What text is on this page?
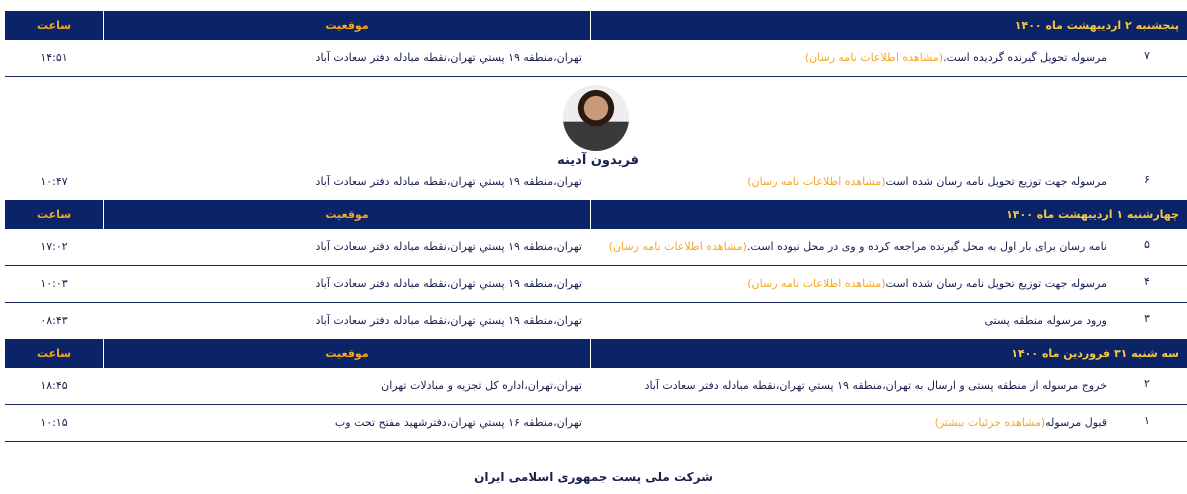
پنجشنبه ۲ اردیبهشت ماه ۱۴۰۰
موقعیت
ساعت
۷
مرسوله تحویل گیرنده گردیده است.(مشاهده اطلاعات نامه رسان)
تهران،منطقه ۱۹ پستي تهران،نقطه مبادله دفتر سعادت آباد
۱۴:۵۱
فریدون آدینه
۶
مرسوله جهت توزیع تحویل نامه رسان شده است(مشاهده اطلاعات نامه رسان)
تهران،منطقه ۱۹ پستي تهران،نقطه مبادله دفتر سعادت آباد
۱۰:۴۷
چهارشنبه ۱ اردیبهشت ماه ۱۴۰۰
موقعیت
ساعت
۵
نامه رسان برای بار اول به محل گیرنده مراجعه کرده و وی در محل نبوده است.(مشاهده اطلاعات نامه رسان)
تهران،منطقه ۱۹ پستي تهران،نقطه مبادله دفتر سعادت آباد
۱۷:۰۲
۴
مرسوله جهت توزیع تحویل نامه رسان شده است(مشاهده اطلاعات نامه رسان)
تهران،منطقه ۱۹ پستي تهران،نقطه مبادله دفتر سعادت آباد
۱۰:۰۳
۳
ورود مرسوله منطقه پستی
تهران،منطقه ۱۹ پستي تهران،نقطه مبادله دفتر سعادت آباد
۰۸:۴۳
سه شنبه ۳۱ فروردین ماه ۱۴۰۰
موقعیت
ساعت
۲
خروج مرسوله از منطقه پستی و ارسال به تهران،منطقه ۱۹ پستي تهران،نقطه مبادله دفتر سعادت آباد
تهران،تهران،اداره کل تجزیه و مبادلات تهران
۱۸:۴۵
۱
قبول مرسوله(مشاهده جزئیات بیشتر)
تهران،منطقه ۱۶ پستي تهران،دفترشهید مفتح تحت وب
۱۰:۱۵
شرکت ملی پست جمهوری اسلامی ایران
